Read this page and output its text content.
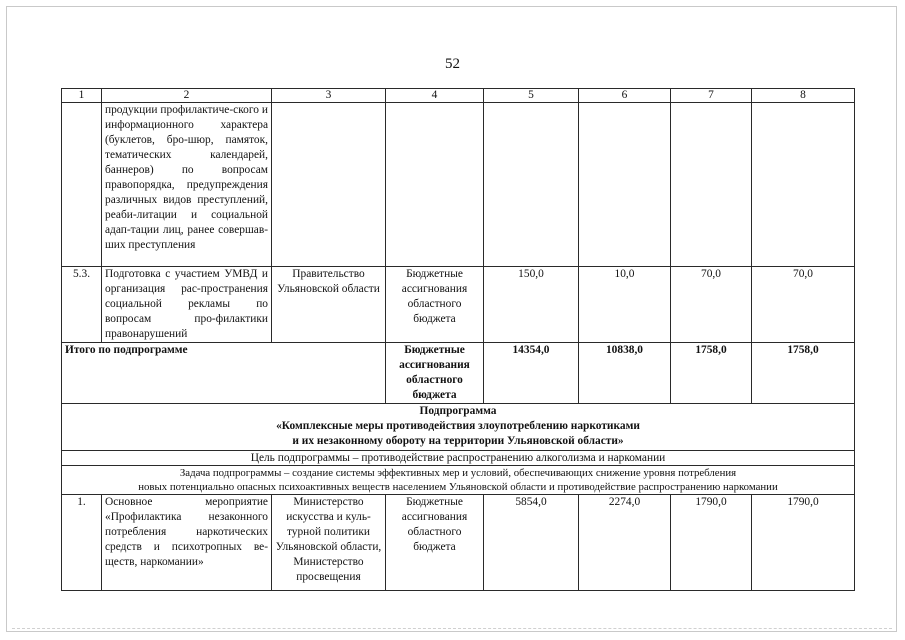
52
1	2	3	4	5	6	7	8
	продукции профилактиче-ского и информационного характера (буклетов, бро-шюр, памяток, тематических календарей, баннеров) по вопросам правопорядка, предупреждения различных видов преступлений, реаби-литации и социальной адап-тации лиц, ранее совершав-ших преступления						
5.3.	Подготовка с участием УМВД и организация рас-пространения социальной рекламы по вопросам про-филактики правонарушений	Правительство Ульяновской области	Бюджетные ассигнования областного бюджета	150,0	10,0	70,0	70,0
Итого по подпрограмме			Бюджетные ассигнования областного бюджета	14354,0	10838,0	1758,0	1758,0

Подпрограмма
«Комплексные меры противодействия злоупотреблению наркотиками
и их незаконному обороту на территории Ульяновской области»							

Цель подпрограммы – противодействие распространению алкоголизма и наркомании							

Задача подпрограммы – создание системы эффективных мер и условий, обеспечивающих снижение уровня потребления
новых потенциально опасных психоактивных веществ населением Ульяновской области и противодействие распространению наркомании							

1.	Основное мероприятие «Профилактика незаконного потребления наркотических средств и психотропных ве-ществ, наркомании»	Министерство искусства и куль-турной политики Ульяновской области, Министерство просвещения	Бюджетные ассигнования областного бюджета	5854,0	2274,0	1790,0	1790,0
